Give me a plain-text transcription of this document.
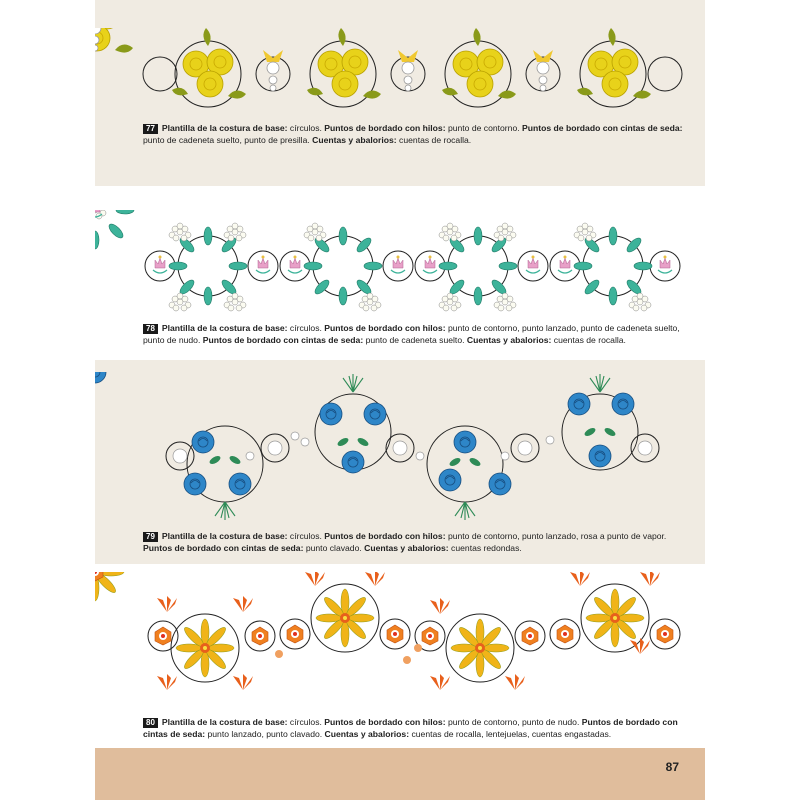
77 Plantilla de la costura de base: círculos. Puntos de bordado con hilos: punto de contorno. Puntos de bordado con cintas de seda: punto de cadeneta suelto, punto de presilla. Cuentas y abalorios: cuentas de rocalla.
78 Plantilla de la costura de base: círculos. Puntos de bordado con hilos: punto de contorno, punto lanzado, punto de cadeneta suelto, punto de nudo. Puntos de bordado con cintas de seda: punto de cadeneta suelto. Cuentas y abalorios: cuentas de rocalla.
79 Plantilla de la costura de base: círculos. Puntos de bordado con hilos: punto de contorno, punto lanzado, rosa a punto de vapor. Puntos de bordado con cintas de seda: punto clavado. Cuentas y abalorios: cuentas redondas.
80 Plantilla de la costura de base: círculos. Puntos de bordado con hilos: punto de contorno, punto de nudo. Puntos de bordado con cintas de seda: punto lanzado, punto clavado. Cuentas y abalorios: cuentas de rocalla, lentejuelas, cuentas engastadas.
87
